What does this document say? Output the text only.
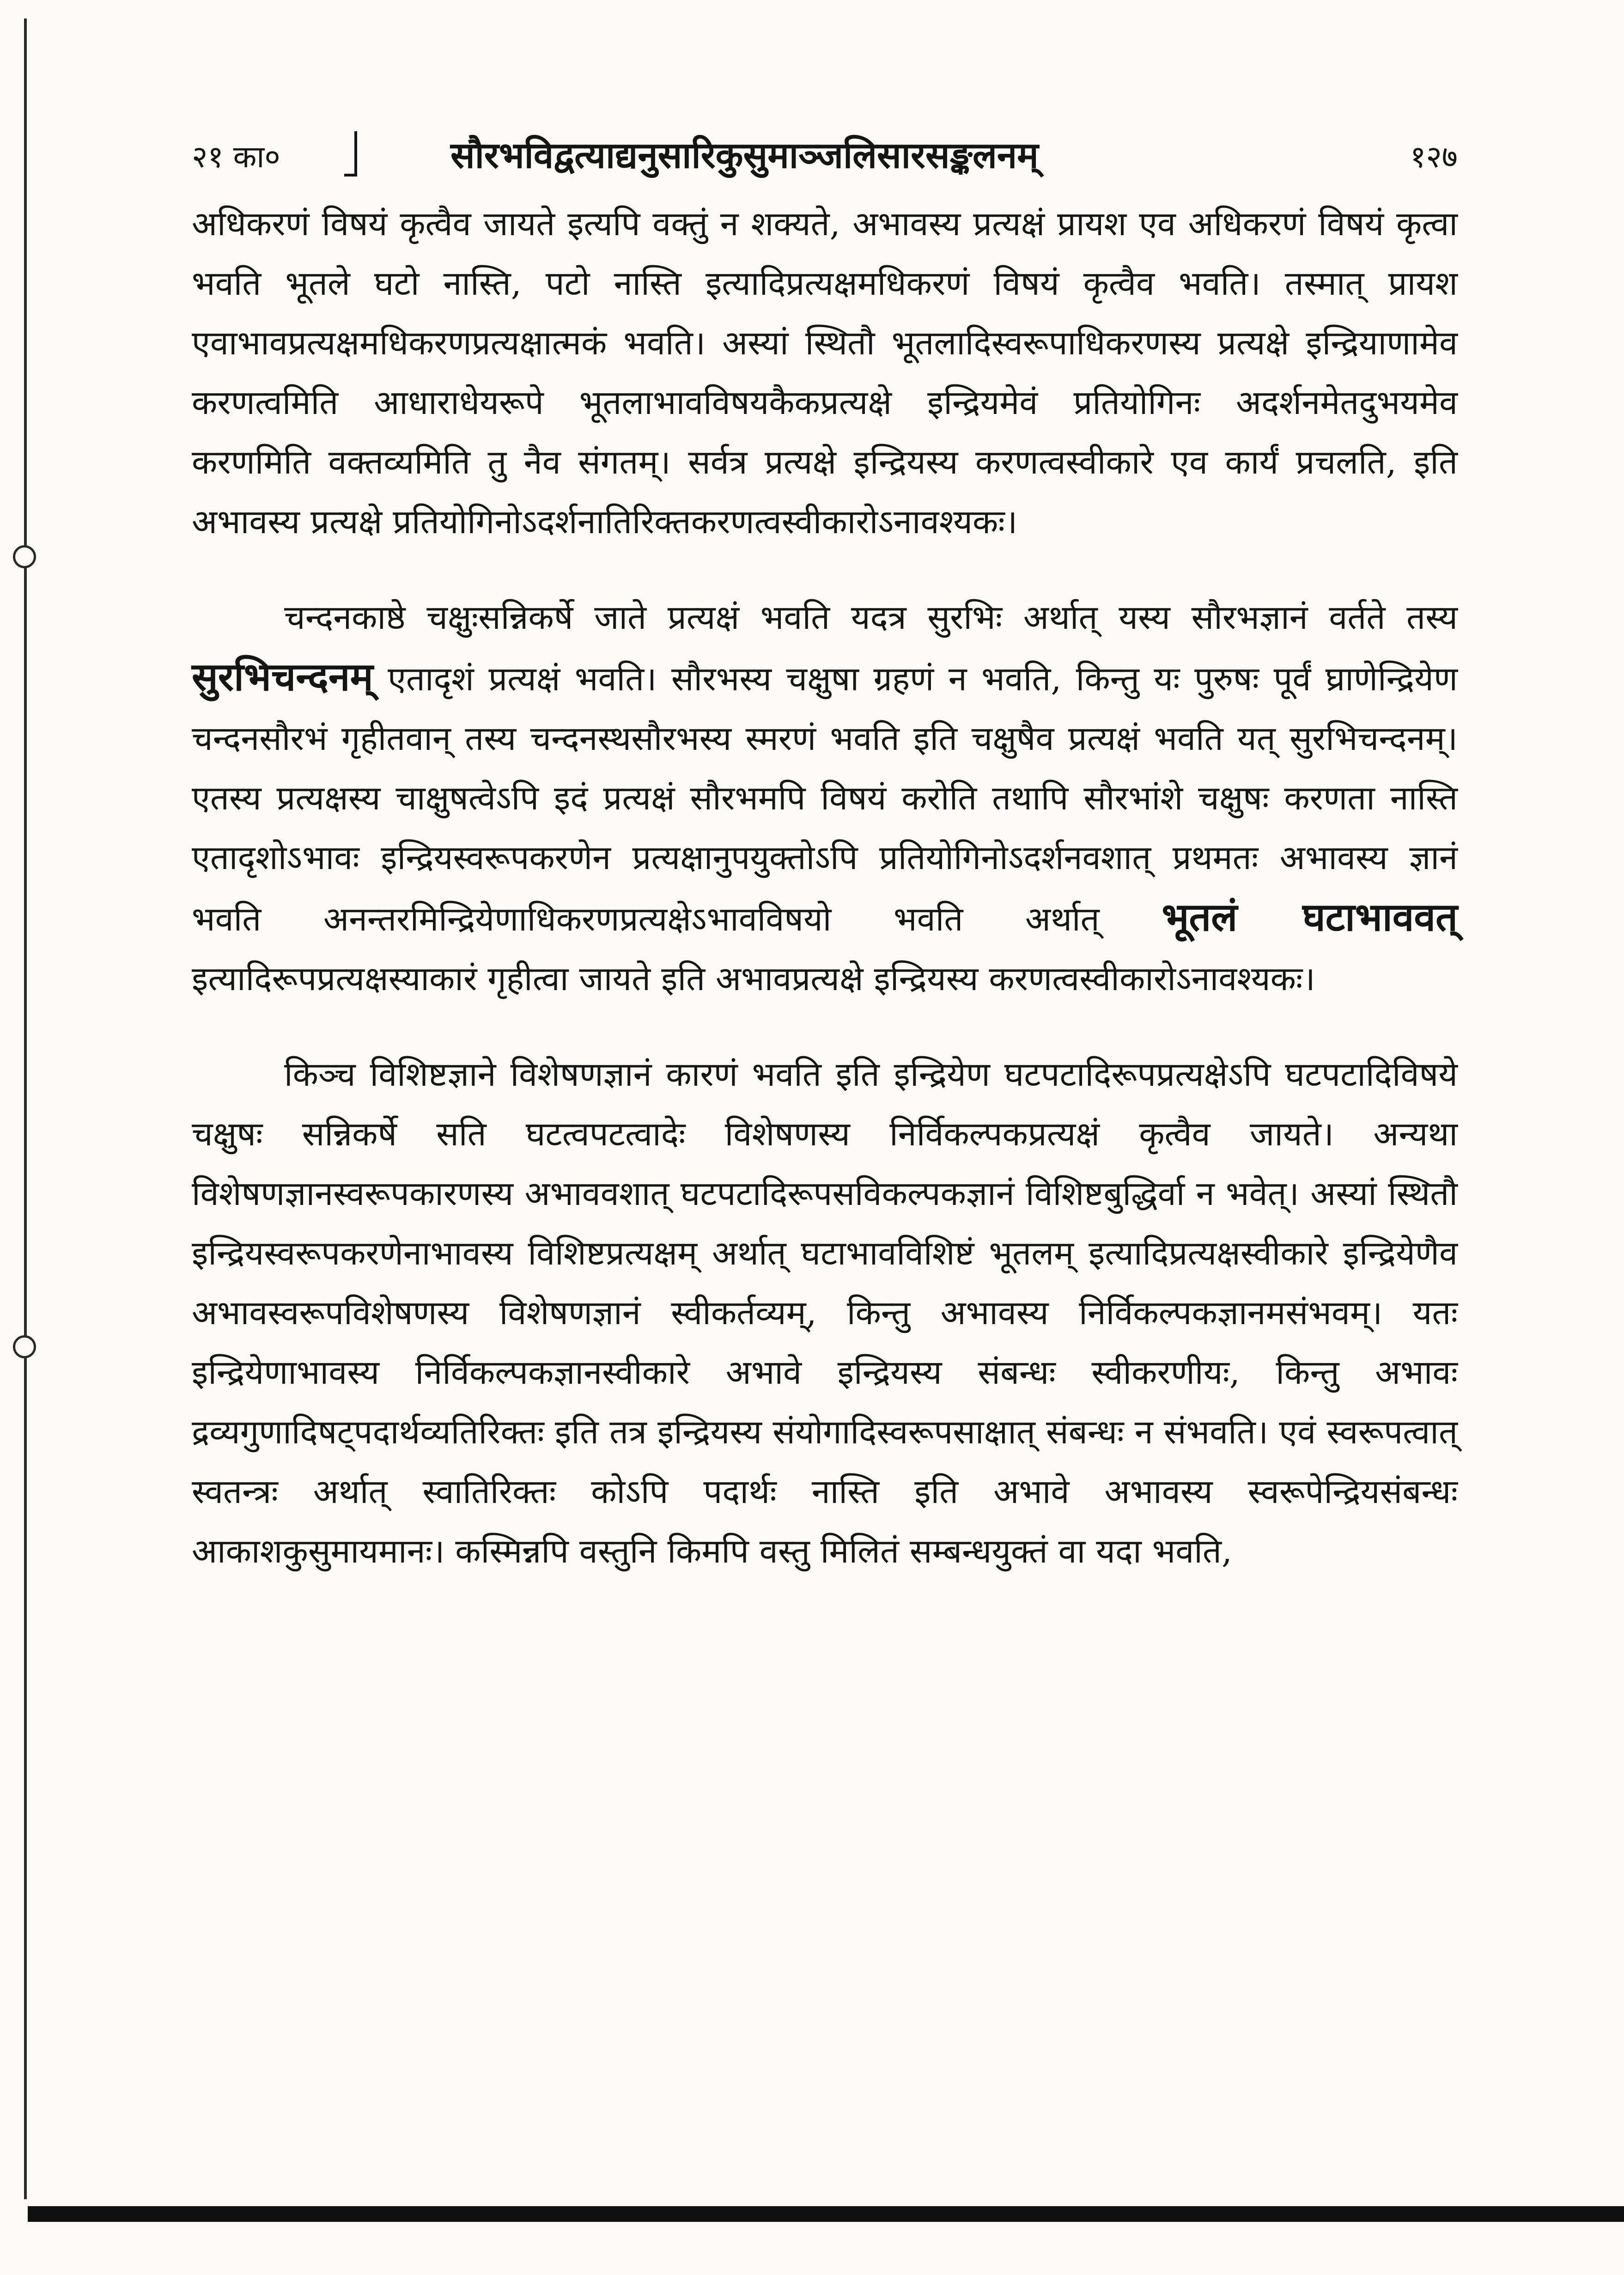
२१ का०	सौरभविद्वत्याद्यनुसारिकुसुमाञ्जलिसारसङ्कलनम्	१२७

अधिकरणं विषयं कृत्वैव जायते इत्यपि वक्तुं न शक्यते, अभावस्य प्रत्यक्षं प्रायश एव अधिकरणं विषयं कृत्वा भवति भूतले घटो नास्ति, पटो नास्ति इत्यादिप्रत्यक्षमधिकरणं विषयं कृत्वैव भवति। तस्मात् प्रायश एवाभावप्रत्यक्षमधिकरणप्रत्यक्षात्मकं भवति। अस्यां स्थितौ भूतलादिस्वरूपाधिकरणस्य प्रत्यक्षे इन्द्रियाणामेव करणत्वमिति आधाराधेयरूपे भूतलाभावविषयकैकप्रत्यक्षे इन्द्रियमेवं प्रतियोगिनः अदर्शनमेतदुभयमेव करणमिति वक्तव्यमिति तु नैव संगतम्। सर्वत्र प्रत्यक्षे इन्द्रियस्य करणत्वस्वीकारे एव कार्यं प्रचलति, इति अभावस्य प्रत्यक्षे प्रतियोगिनोऽदर्शनातिरिक्तकरणत्वस्वीकारोऽनावश्यकः।

चन्दनकाष्ठे चक्षुःसन्निकर्षे जाते प्रत्यक्षं भवति यदत्र सुरभिः अर्थात् यस्य सौरभज्ञानं वर्तते तस्य सुरभिचन्दनम् एतादृशं प्रत्यक्षं भवति। सौरभस्य चक्षुषा ग्रहणं न भवति, किन्तु यः पुरुषः पूर्वं घ्राणेन्द्रियेण चन्दनसौरभं गृहीतवान् तस्य चन्दनस्थसौरभस्य स्मरणं भवति इति चक्षुषैव प्रत्यक्षं भवति यत् सुरभिचन्दनम्। एतस्य प्रत्यक्षस्य चाक्षुषत्वेऽपि इदं प्रत्यक्षं सौरभमपि विषयं करोति तथापि सौरभांशे चक्षुषः करणता नास्ति एतादृशोऽभावः इन्द्रियस्वरूपकरणेन प्रत्यक्षानुपयुक्तोऽपि प्रतियोगिनोऽदर्शनवशात् प्रथमतः अभावस्य ज्ञानं भवति अनन्तरमिन्द्रियेणाधिकरणप्रत्यक्षेऽभावविषयो भवति अर्थात् भूतलं घटाभाववत् इत्यादिरूपप्रत्यक्षस्याकारं गृहीत्वा जायते इति अभावप्रत्यक्षे इन्द्रियस्य करणत्वस्वीकारोऽनावश्यकः।

किञ्च विशिष्टज्ञाने विशेषणज्ञानं कारणं भवति इति इन्द्रियेण घटपटादिरूपप्रत्यक्षेऽपि घटपटादिविषये चक्षुषः सन्निकर्षे सति घटत्वपटत्वादेः विशेषणस्य निर्विकल्पकप्रत्यक्षं कृत्वैव जायते। अन्यथा विशेषणज्ञानस्वरूपकारणस्य अभाववशात् घटपटादिरूपसविकल्पकज्ञानं विशिष्टबुद्धिर्वा न भवेत्। अस्यां स्थितौ इन्द्रियस्वरूपकरणेनाभावस्य विशिष्टप्रत्यक्षम् अर्थात् घटाभावविशिष्टं भूतलम् इत्यादिप्रत्यक्षस्वीकारे इन्द्रियेणैव अभावस्वरूपविशेषणस्य विशेषणज्ञानं स्वीकर्तव्यम्, किन्तु अभावस्य निर्विकल्पकज्ञानमसंभवम्। यतः इन्द्रियेणाभावस्य निर्विकल्पकज्ञानस्वीकारे अभावे इन्द्रियस्य संबन्धः स्वीकरणीयः, किन्तु अभावः द्रव्यगुणादिषट्पदार्थव्यतिरिक्तः इति तत्र इन्द्रियस्य संयोगादिस्वरूपसाक्षात् संबन्धः न संभवति। एवं स्वरूपत्वात् स्वतन्त्रः अर्थात् स्वातिरिक्तः कोऽपि पदार्थः नास्ति इति अभावे अभावस्य स्वरूपेन्द्रियसंबन्धः आकाशकुसुमायमानः। कस्मिन्नपि वस्तुनि किमपि वस्तु मिलितं सम्बन्धयुक्तं वा यदा भवति,
